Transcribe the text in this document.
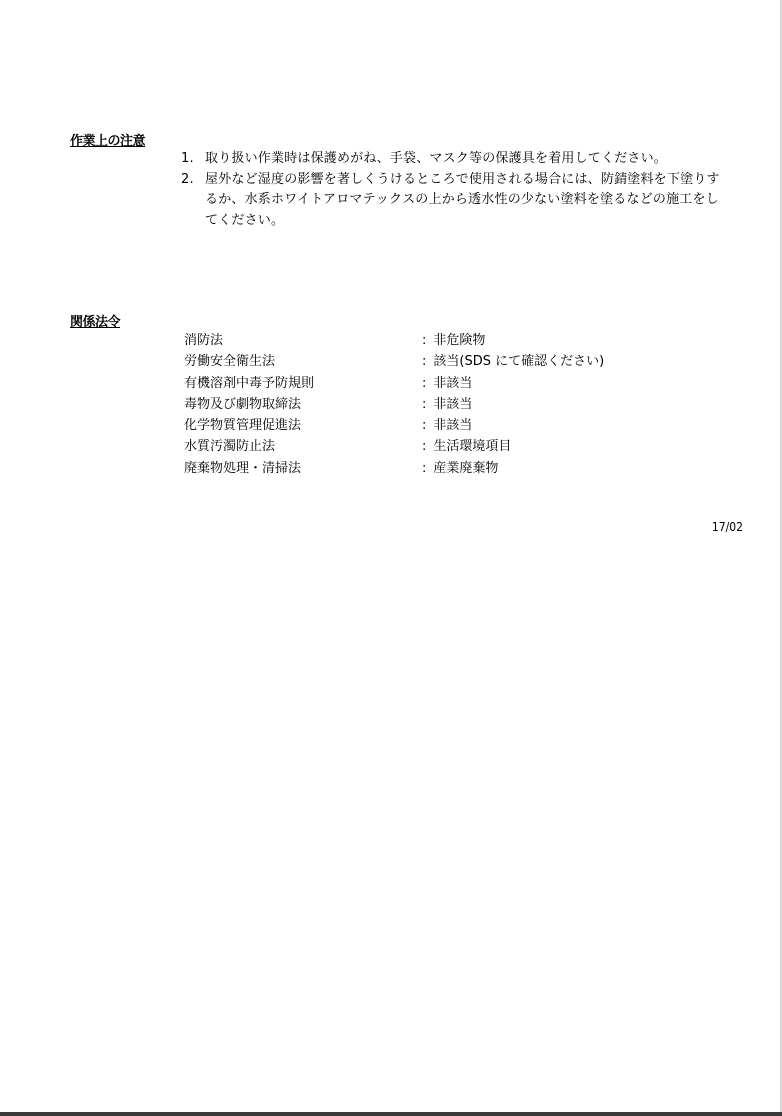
作業上の注意
1. 取り扱い作業時は保護めがね、手袋、マスク等の保護具を着用してください。
2. 屋外など湿度の影響を著しくうけるところで使用される場合には、防錆塗料を下塗りするか、水系ホワイトアロマテックスの上から透水性の少ない塗料を塗るなどの施工をしてください。
関係法令
消防法	: 非危険物
労働安全衛生法	: 該当(SDS にて確認ください)
有機溶剤中毒予防規則	: 非該当
毒物及び劇物取締法	: 非該当
化学物質管理促進法	: 非該当
水質汚濁防止法	: 生活環境項目
廃棄物処理・清掃法	: 産業廃棄物
17/02
